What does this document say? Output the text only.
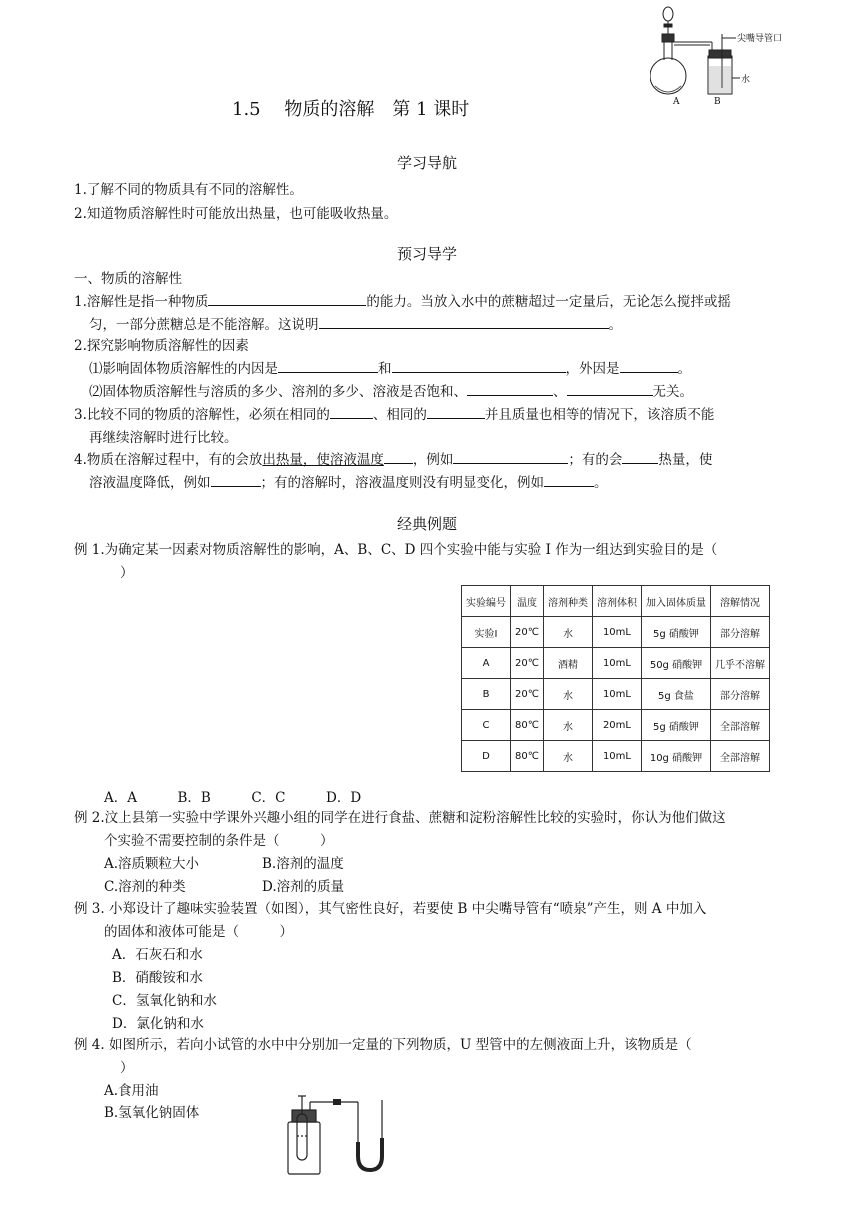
尖嘴导管口
水
A	B
1.5　 物质的溶解　第 1 课时
学习导航
1.了解不同的物质具有不同的溶解性。
2.知道物质溶解性时可能放出热量，也可能吸收热量。
预习导学
一、物质的溶解性
1.溶解性是指一种物质	的能力。当放入水中的蔗糖超过一定量后，无论怎么搅拌或摇
匀，一部分蔗糖总是不能溶解。这说明	。
2.探究影响物质溶解性的因素
⑴影响固体物质溶解性的内因是	和	，外因是	。
⑵固体物质溶解性与溶质的多少、溶剂的多少、溶液是否饱和、	、	无关。
3.比较不同的物质的溶解性，必须在相同的	、相同的	并且质量也相等的情况下，该溶质不能
再继续溶解时进行比较。
4.物质在溶解过程中，有的会放出热量，使溶液温度 ，例如	；有的会	热量，使
溶液温度降低，例如	；有的溶解时，溶液温度则没有明显变化，例如	。
经典例题
例 1.为确定某一因素对物质溶解性的影响，A、B、C、D 四个实验中能与实验 I 作为一组达到实验目的是（
）
实验编号	温度	溶剂种类	溶剂体积	加入固体质量	溶解情况
实验I	20℃	水	10mL	5g 硝酸钾	部分溶解
A	20℃	酒精	10mL	50g 硝酸钾	几乎不溶解
B	20℃	水	10mL	5g 食盐	部分溶解
C	80℃	水	20mL	5g 硝酸钾	全部溶解
D	80℃	水	10mL	10g 硝酸钾	全部溶解
A．A　　　B．B　　　C．C　　　D．D
例 2.汶上县第一实验中学课外兴趣小组的同学在进行食盐、蔗糖和淀粉溶解性比较的实验时，你认为他们做这
个实验不需要控制的条件是（　　　）
A.溶质颗粒大小	B.溶剂的温度
C.溶剂的种类	D.溶剂的质量
例 3. 小郑设计了趣味实验装置（如图），其气密性良好，若要使 B 中尖嘴导管有“喷泉”产生，则 A 中加入
的固体和液体可能是（　　　）
A．石灰石和水
B．硝酸铵和水
C．氢氧化钠和水
D．氯化钠和水
例 4. 如图所示，若向小试管的水中中分别加一定量的下列物质，U 型管中的左侧液面上升，该物质是（
）
A.食用油
B.氢氧化钠固体
